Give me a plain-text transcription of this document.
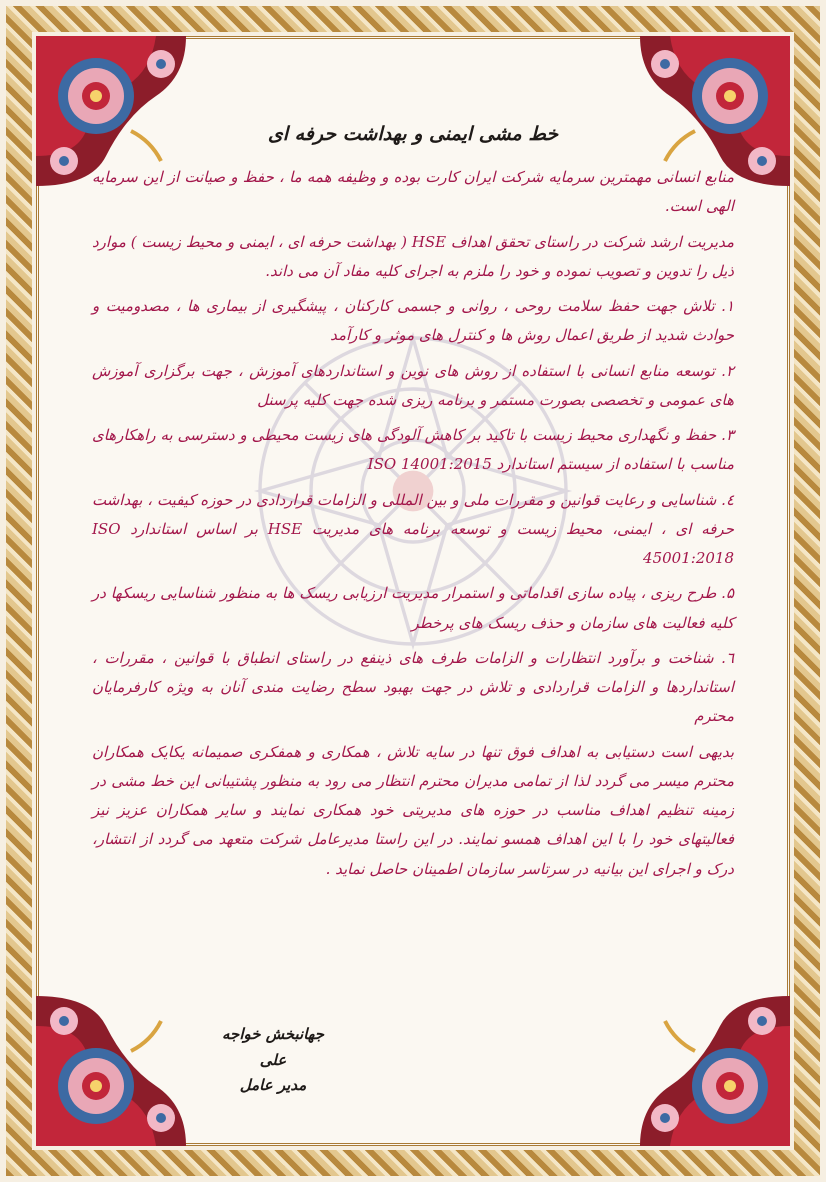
خط مشی ایمنی و بهداشت حرفه ای
منابع انسانی مهمترین سرمایه شرکت ایران کارت بوده و وظیفه همه ما ، حفظ و صیانت از این سرمایه الهی است.
مدیریت ارشد شرکت در راستای تحقق اهداف HSE ( بهداشت حرفه ای ، ایمنی و محیط زیست ) موارد ذیل را تدوین و تصویب نموده و خود را ملزم به اجرای کلیه مفاد آن می داند.
۱. تلاش جهت حفظ سلامت روحی ، روانی و جسمی کارکنان ، پیشگیری از بیماری ها ، مصدومیت و حوادث شدید از طریق اعمال روش ها و کنترل های موثر و کارآمد
۲. توسعه منابع انسانی با استفاده از روش های نوین و استانداردهای آموزش ، جهت برگزاری آموزش های عمومی و تخصصی بصورت مستمر و برنامه ریزی شده جهت کلیه پرسنل
۳. حفظ و نگهداری محیط زیست با تاکید بر کاهش آلودگی های زیست محیطی و دسترسی به راهکارهای مناسب با استفاده از سیستم استاندارد ISO 14001:2015
٤. شناسایی و رعایت قوانین و مقررات ملی و بین المللی و الزامات قراردادی در حوزه کیفیت ، بهداشت حرفه ای ، ایمنی، محیط زیست و توسعه برنامه های مدیریت HSE بر اساس استاندارد ISO 45001:2018
۵. طرح ریزی ، پیاده سازی اقداماتی و استمرار مدیریت ارزیابی ریسک ها به منظور شناسایی ریسکها در کلیه فعالیت های سازمان و حذف ریسک های پرخطر
٦. شناخت و برآورد انتظارات و الزامات طرف های ذینفع در راستای انطباق با قوانین ، مقررات ، استانداردها و الزامات قراردادی و تلاش در جهت بهبود سطح رضایت مندی آنان به ویژه کارفرمایان محترم
بدیهی است دستیابی به اهداف فوق تنها در سایه تلاش ، همکاری و همفکری صمیمانه یکایک همکاران محترم میسر می گردد لذا از تمامی مدیران محترم انتظار می رود به منظور پشتیبانی این خط مشی در زمینه تنظیم اهداف مناسب در حوزه های مدیریتی خود همکاری نمایند و سایر همکاران عزیز نیز فعالیتهای خود را با این اهداف همسو نمایند. در این راستا مدیرعامل شرکت متعهد می گردد از انتشار، درک و اجرای این بیانیه در سرتاسر سازمان اطمینان حاصل نماید .
جهانبخش خواجه علی
مدیر عامل
